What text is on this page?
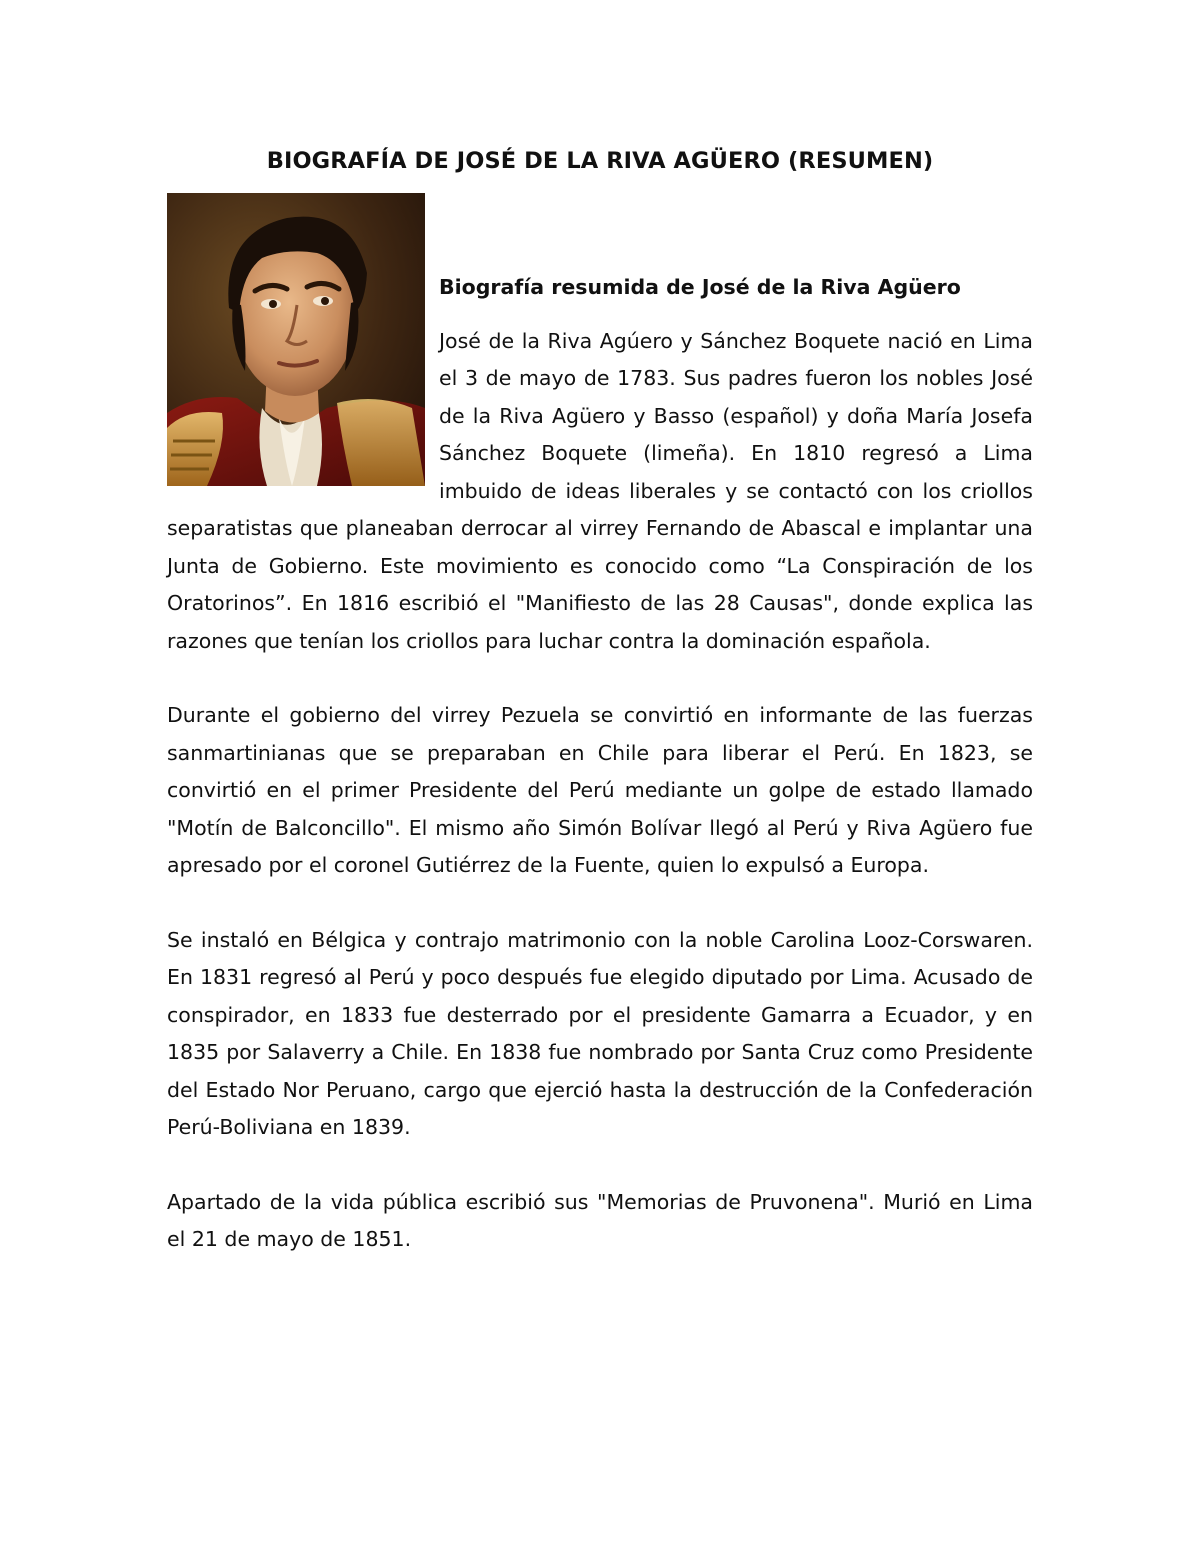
BIOGRAFÍA DE JOSÉ DE LA RIVA AGÜERO (RESUMEN)
Biografía resumida de José de la Riva Agüero

José de la Riva Agúero y Sánchez Boquete nació en Lima el 3 de mayo de 1783. Sus padres fueron los nobles José de la Riva Agüero y Basso (español) y doña María Josefa Sánchez Boquete (limeña). En 1810 regresó a Lima imbuido de ideas liberales y se contactó con los criollos separatistas que planeaban derrocar al virrey Fernando de Abascal e implantar una Junta de Gobierno. Este movimiento es conocido como “La Conspiración de los Oratorinos”. En 1816 escribió el "Manifiesto de las 28 Causas", donde explica las razones que tenían los criollos para luchar contra la dominación española.

Durante el gobierno del virrey Pezuela se convirtió en informante de las fuerzas sanmartinianas que se preparaban en Chile para liberar el Perú. En 1823, se convirtió en el primer Presidente del Perú mediante un golpe de estado llamado "Motín de Balconcillo". El mismo año Simón Bolívar llegó al Perú y Riva Agüero fue apresado por el coronel Gutiérrez de la Fuente, quien lo expulsó a Europa.

Se instaló en Bélgica y contrajo matrimonio con la noble Carolina Looz-Corswaren. En 1831 regresó al Perú y poco después fue elegido diputado por Lima. Acusado de conspirador, en 1833 fue desterrado por el presidente Gamarra a Ecuador, y en 1835 por Salaverry a Chile. En 1838 fue nombrado por Santa Cruz como Presidente del Estado Nor Peruano, cargo que ejerció hasta la destrucción de la Confederación Perú-Boliviana en 1839.

Apartado de la vida pública escribió sus "Memorias de Pruvonena". Murió en Lima el 21 de mayo de 1851.
